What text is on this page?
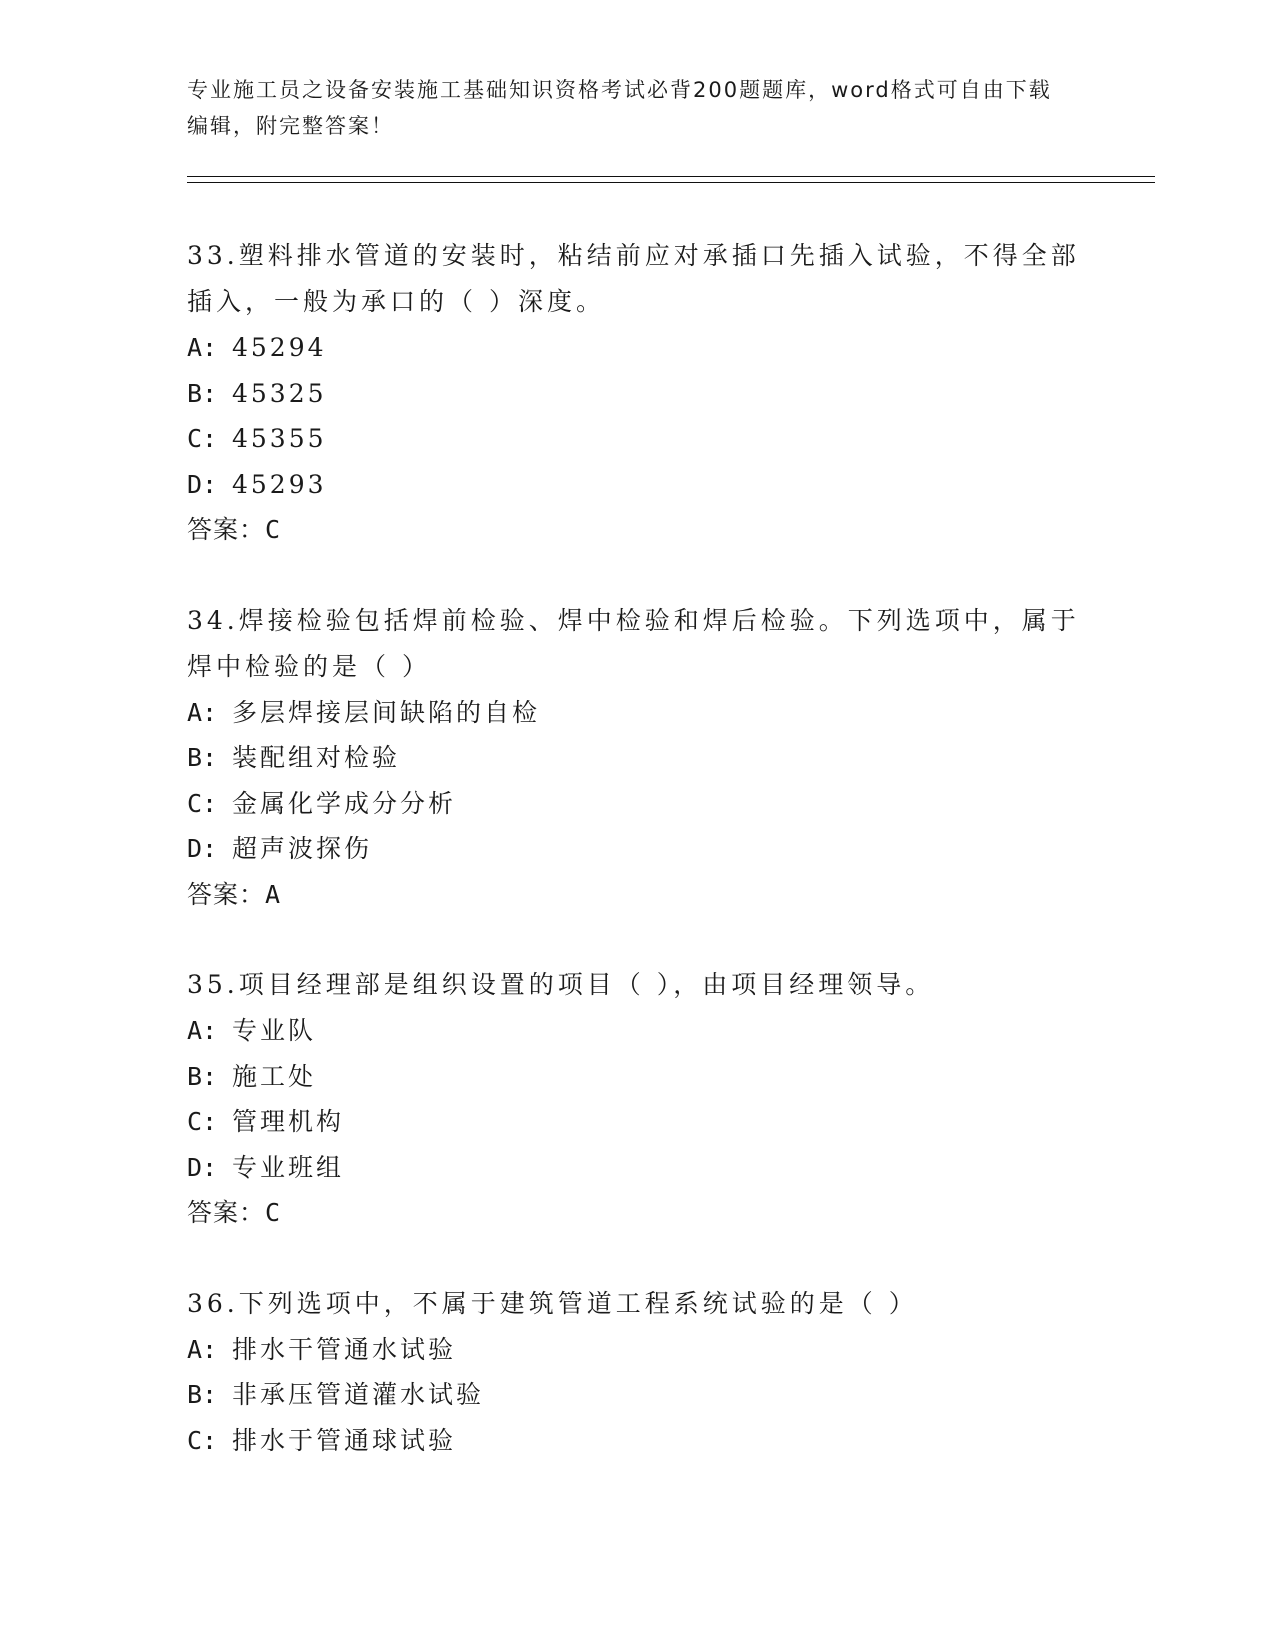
专业施工员之设备安装施工基础知识资格考试必背200题题库，word格式可自由下载编辑，附完整答案！

33.塑料排水管道的安装时，粘结前应对承插口先插入试验，不得全部插入，一般为承口的（ ）深度。

A: 45294

B: 45325

C: 45355

D: 45293

答案：C

34.焊接检验包括焊前检验、焊中检验和焊后检验。下列选项中，属于焊中检验的是（ ）

A: 多层焊接层间缺陷的自检

B: 装配组对检验

C: 金属化学成分分析

D: 超声波探伤

答案：A

35.项目经理部是组织设置的项目（ ），由项目经理领导。

A: 专业队

B: 施工处

C: 管理机构

D: 专业班组

答案：C

36.下列选项中，不属于建筑管道工程系统试验的是（ ）

A: 排水干管通水试验

B: 非承压管道灌水试验

C: 排水于管通球试验
